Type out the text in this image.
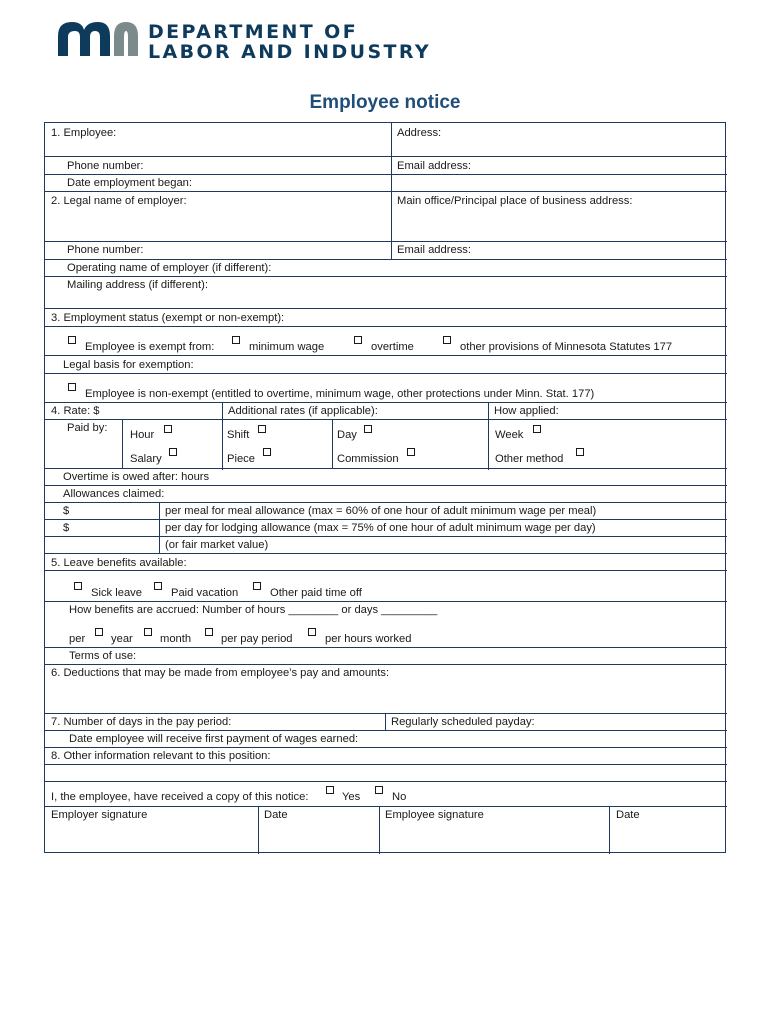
DEPARTMENT OF
LABOR AND INDUSTRY
Employee notice
1. Employee:	Address:
Phone number:	Email address:
Date employment began:
2. Legal name of employer:	Main office/Principal place of business address:
Phone number:	Email address:
Operating name of employer (if different):
Mailing address (if different):
3. Employment status (exempt or non-exempt):
Employee is exempt from:	minimum wage	overtime	other provisions of Minnesota Statutes 177
Legal basis for exemption:
Employee is non-exempt (entitled to overtime, minimum wage, other protections under Minn. Stat. 177)
4. Rate: $	Additional rates (if applicable):	How applied:
Paid by:
Hour	Shift	Day	Week
Salary	Piece	Commission	Other method
Overtime is owed after: hours
Allowances claimed:
$	per meal for meal allowance (max = 60% of one hour of adult minimum wage per meal)
$	per day for lodging allowance (max = 75% of one hour of adult minimum wage per day)
(or fair market value)
5. Leave benefits available:
Sick leave	Paid vacation	Other paid time off
How benefits are accrued: Number of hours ________ or days _________
per year month	per pay period	per hours worked
Terms of use:
6. Deductions that may be made from employee’s pay and amounts:
7. Number of days in the pay period:	Regularly scheduled payday:
Date employee will receive first payment of wages earned:
8. Other information relevant to this position:
I, the employee, have received a copy of this notice:	Yes	No
Employer signature	Date	Employee signature	Date
